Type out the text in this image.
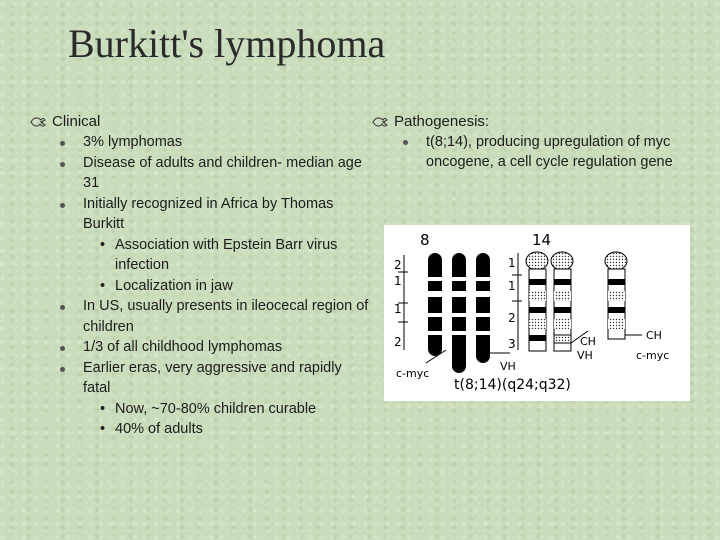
Burkitt's lymphoma
Clinical
3% lymphomas
Disease of adults and children- median age 31
Initially recognized in Africa by Thomas Burkitt
• Association with Epstein Barr virus infection
• Localization in jaw
In US, usually presents in ileocecal region of children
1/3 of all childhood lymphomas
Earlier eras, very aggressive and rapidly fatal
• Now, ~70-80% children curable
• 40% of adults
Pathogenesis:
t(8;14), producing upregulation of myc oncogene, a cell cycle regulation gene
8	14
2
1
1
2
c-myc
1
1
2
3
VH
CH
VH
CH
c-myc
t(8;14)(q24;q32)
